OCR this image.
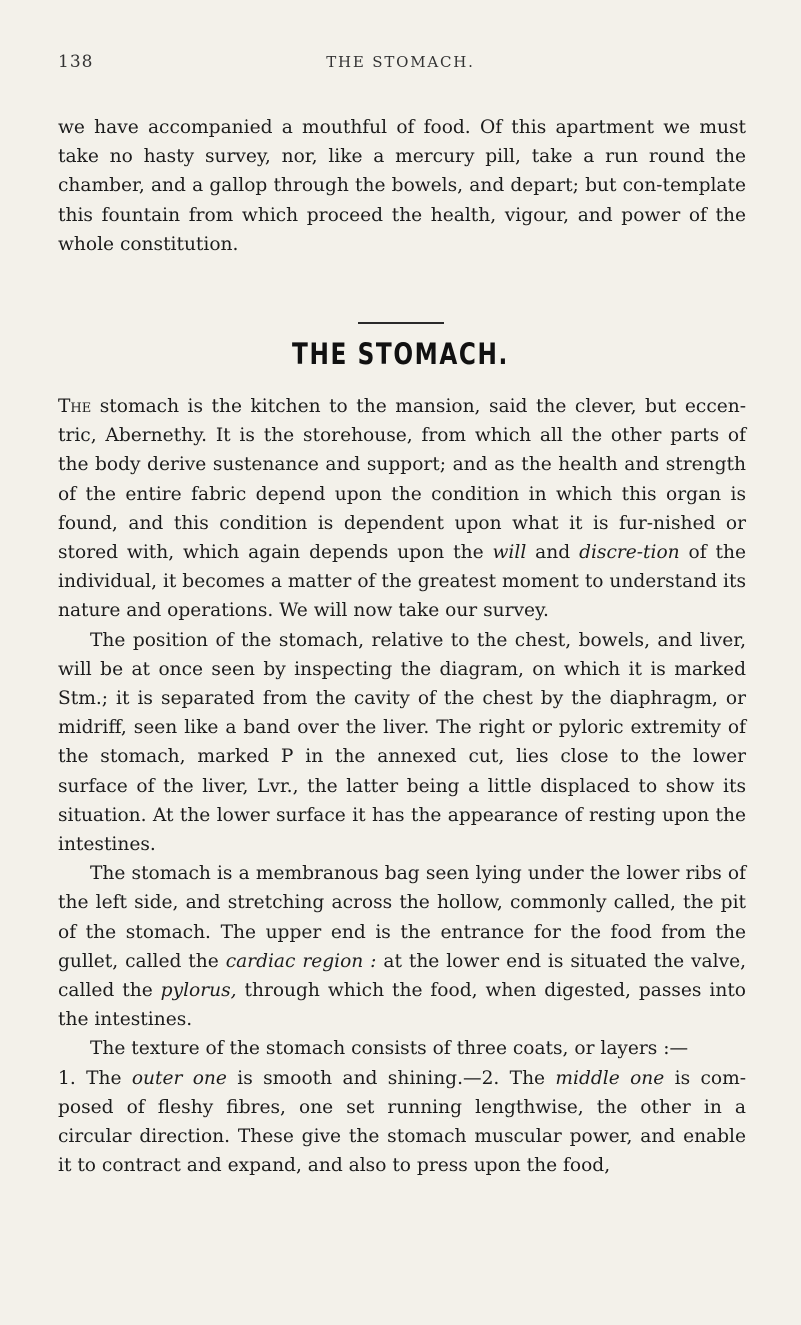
138	THE STOMACH.

we have accompanied a mouthful of food. Of this apartment we must take no hasty survey, nor, like a mercury pill, take a run round the chamber, and a gallop through the bowels, and depart; but con-template this fountain from which proceed the health, vigour, and power of the whole constitution.

THE STOMACH.

The stomach is the kitchen to the mansion, said the clever, but eccen-tric, Abernethy. It is the storehouse, from which all the other parts of the body derive sustenance and support; and as the health and strength of the entire fabric depend upon the condition in which this organ is found, and this condition is dependent upon what it is fur-nished or stored with, which again depends upon the will and discre-tion of the individual, it becomes a matter of the greatest moment to understand its nature and operations. We will now take our survey.

The position of the stomach, relative to the chest, bowels, and liver, will be at once seen by inspecting the diagram, on which it is marked Stm.; it is separated from the cavity of the chest by the diaphragm, or midriff, seen like a band over the liver. The right or pyloric extremity of the stomach, marked P in the annexed cut, lies close to the lower surface of the liver, Lvr., the latter being a little displaced to show its situation. At the lower surface it has the appearance of resting upon the intestines.

The stomach is a membranous bag seen lying under the lower ribs of the left side, and stretching across the hollow, commonly called, the pit of the stomach. The upper end is the entrance for the food from the gullet, called the cardiac region : at the lower end is situated the valve, called the pylorus, through which the food, when digested, passes into the intestines.

The texture of the stomach consists of three coats, or layers :—

1. The outer one is smooth and shining.—2. The middle one is com-posed of fleshy fibres, one set running lengthwise, the other in a circular direction. These give the stomach muscular power, and enable it to contract and expand, and also to press upon the food,
